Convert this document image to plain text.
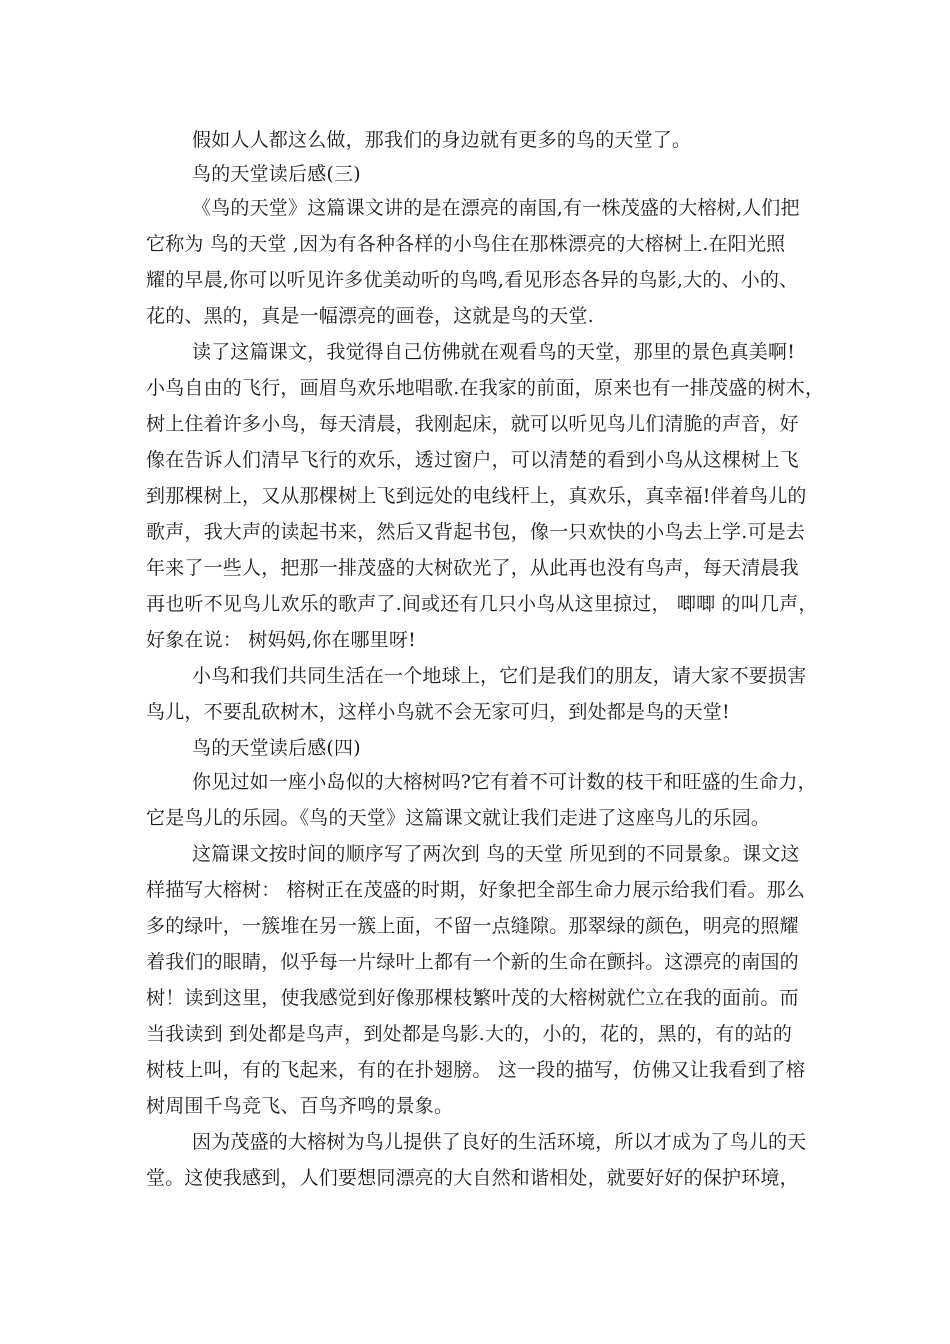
假如人人都这么做，那我们的身边就有更多的鸟的天堂了。
鸟的天堂读后感(三)
《鸟的天堂》这篇课文讲的是在漂亮的南国,有一株茂盛的大榕树,人们把
它称为 鸟的天堂 ,因为有各种各样的小鸟住在那株漂亮的大榕树上.在阳光照
耀的早晨,你可以听见许多优美动听的鸟鸣,看见形态各异的鸟影,大的、小的、
花的、黑的，真是一幅漂亮的画卷，这就是鸟的天堂.
读了这篇课文，我觉得自己仿佛就在观看鸟的天堂，那里的景色真美啊!
小鸟自由的飞行，画眉鸟欢乐地唱歌.在我家的前面，原来也有一排茂盛的树木，
树上住着许多小鸟，每天清晨，我刚起床，就可以听见鸟儿们清脆的声音，好
像在告诉人们清早飞行的欢乐，透过窗户，可以清楚的看到小鸟从这棵树上飞
到那棵树上，又从那棵树上飞到远处的电线杆上，真欢乐，真幸福!伴着鸟儿的
歌声，我大声的读起书来，然后又背起书包，像一只欢快的小鸟去上学.可是去
年来了一些人，把那一排茂盛的大树砍光了，从此再也没有鸟声，每天清晨我
再也听不见鸟儿欢乐的歌声了.间或还有几只小鸟从这里掠过， 唧唧 的叫几声，
好象在说： 树妈妈,你在哪里呀!
小鸟和我们共同生活在一个地球上，它们是我们的朋友，请大家不要损害
鸟儿，不要乱砍树木，这样小鸟就不会无家可归，到处都是鸟的天堂!
鸟的天堂读后感(四)
你见过如一座小岛似的大榕树吗?它有着不可计数的枝干和旺盛的生命力，
它是鸟儿的乐园。《鸟的天堂》这篇课文就让我们走进了这座鸟儿的乐园。
这篇课文按时间的顺序写了两次到 鸟的天堂 所见到的不同景象。课文这
样描写大榕树： 榕树正在茂盛的时期，好象把全部生命力展示给我们看。那么
多的绿叶，一簇堆在另一簇上面，不留一点缝隙。那翠绿的颜色，明亮的照耀
着我们的眼睛，似乎每一片绿叶上都有一个新的生命在颤抖。这漂亮的南国的
树！读到这里，使我感觉到好像那棵枝繁叶茂的大榕树就伫立在我的面前。而
当我读到 到处都是鸟声，到处都是鸟影.大的，小的，花的，黑的，有的站的
树枝上叫，有的飞起来，有的在扑翅膀。 这一段的描写，仿佛又让我看到了榕
树周围千鸟竞飞、百鸟齐鸣的景象。
因为茂盛的大榕树为鸟儿提供了良好的生活环境，所以才成为了鸟儿的天
堂。这使我感到，人们要想同漂亮的大自然和谐相处，就要好好的保护环境，
